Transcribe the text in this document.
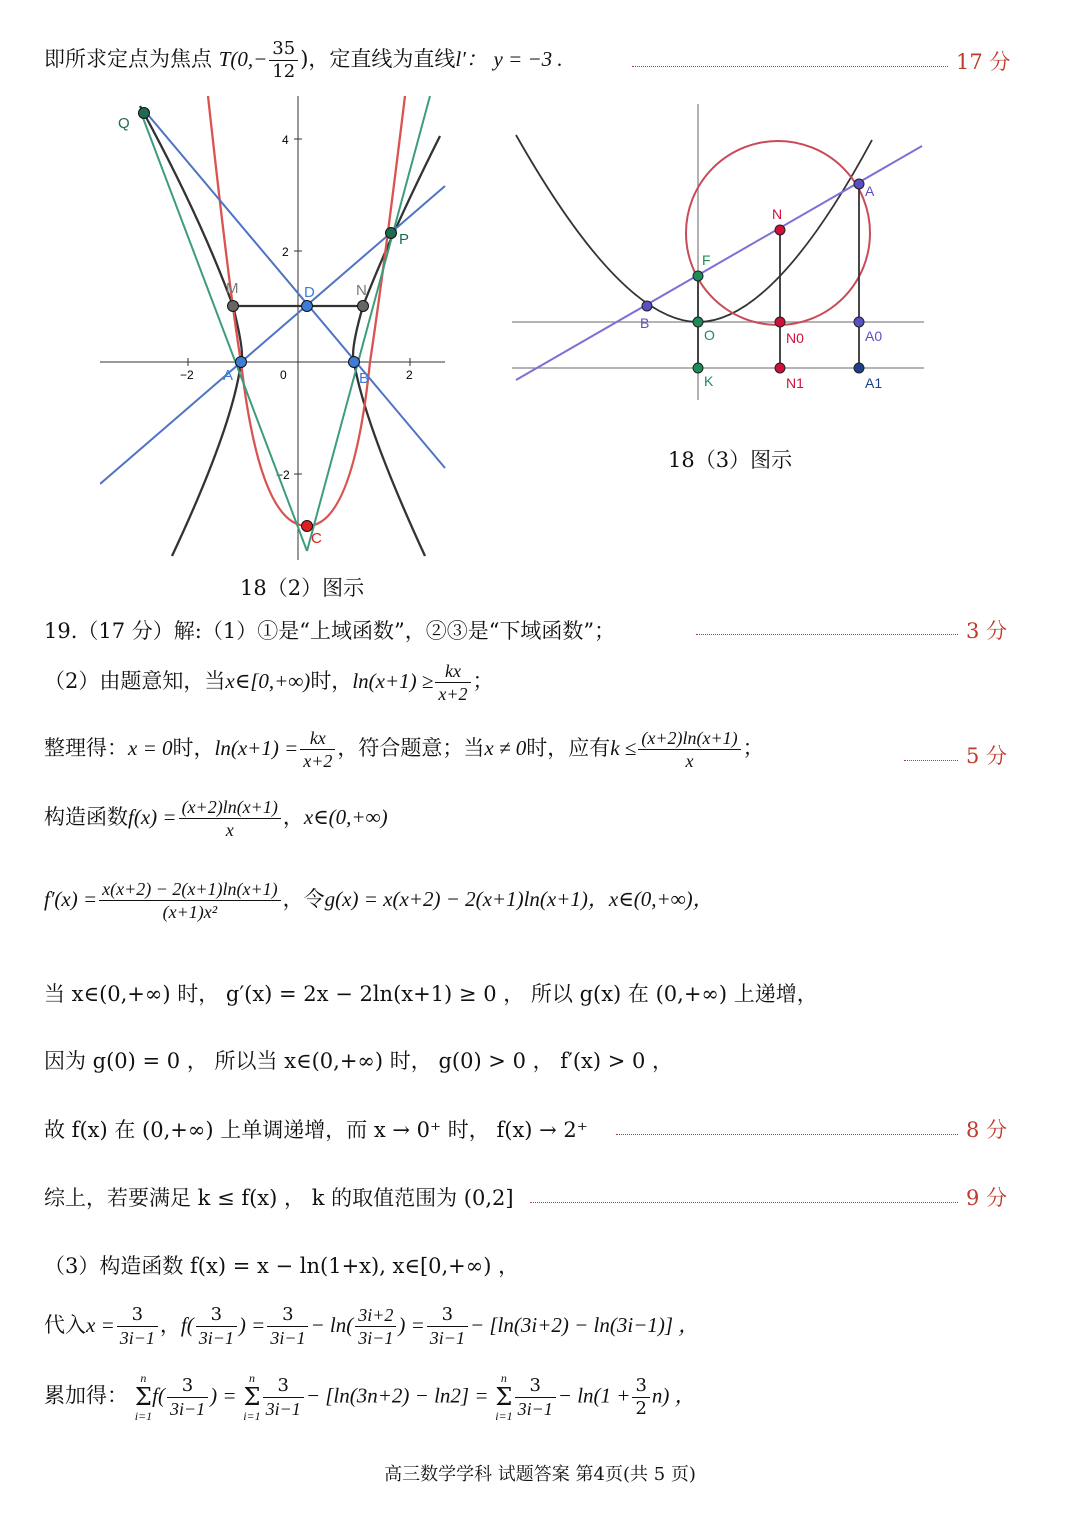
即所求定点为焦点 $T(0,- \frac{35}{12}$ )，定直线为直线l′： y = −3 .	17 分
−2	0	2
4
2
−2
Q
P
M	D	N
A	B
C
18（2）图示
A
N
F
B
O	N0	A0
K	N1	A1
18（3）图示
19.（17 分）解:（1）①是“上域函数”，②③是“下域函数”；	3 分
（2）由题意知，当x∈[0,+∞)时，$\ln(x+1) \ge \frac{kx}{x+2}$ ；
整理得：x = 0时，$\ln(x+1) = \frac{kx}{x+2}$ ，符合题意；当x ≠ 0时，应有$k \le \frac{(x+2)\ln(x+1)}{x}$ ；	5 分
构造函数$f(x) = \frac{(x+2)\ln(x+1)}{x}$ ，x∈(0,+∞)
$f'(x) = \frac{x(x+2) - 2(x+1)\ln(x+1)}{\text{(x+1)x²}}$ ，令g(x) = x(x+2) − 2(x+1)ln(x+1)，x∈(0,+∞)，
当 x∈(0,+∞) 时， g′(x) = 2x − 2ln(x+1) ≥ 0 ， 所以 g(x) 在 (0,+∞) 上递增，
因为 g(0) = 0 ， 所以当 x∈(0,+∞) 时， g(0) > 0 ， f′(x) > 0 ，
故 f(x) 在 (0,+∞) 上单调递增，而 x → 0⁺ 时， f(x) → 2⁺	8 分
综上，若要满足 k ≤ f(x) ， k 的取值范围为 (0,2]	9 分
（3）构造函数 f(x) = x − ln(1+x), x∈[0,+∞) ，
代入$x = \frac{3}{3i-1}$ ，$f( \frac{3}{3i-1}$ ) = $\frac{3}{3i-1} - \ln( \frac{3i+2}{3i-1}$ ) = $\frac{3}{3i-1} - [\ln(3i+2) - \ln(3i-1)]$ ，
累加得：
n
Σ
i=1
$f( \frac{3}{3i-1}$ ) =
n
Σ
$i=1 \frac{3}{3i-1} - [\ln(3n+2) - \ln 2]$ =
n
Σ
$i=1 \frac{3}{3i-1} - \ln(1 + \frac{3}{2} n)$ ，
高三数学学科 试题答案 第4页(共 5 页)
